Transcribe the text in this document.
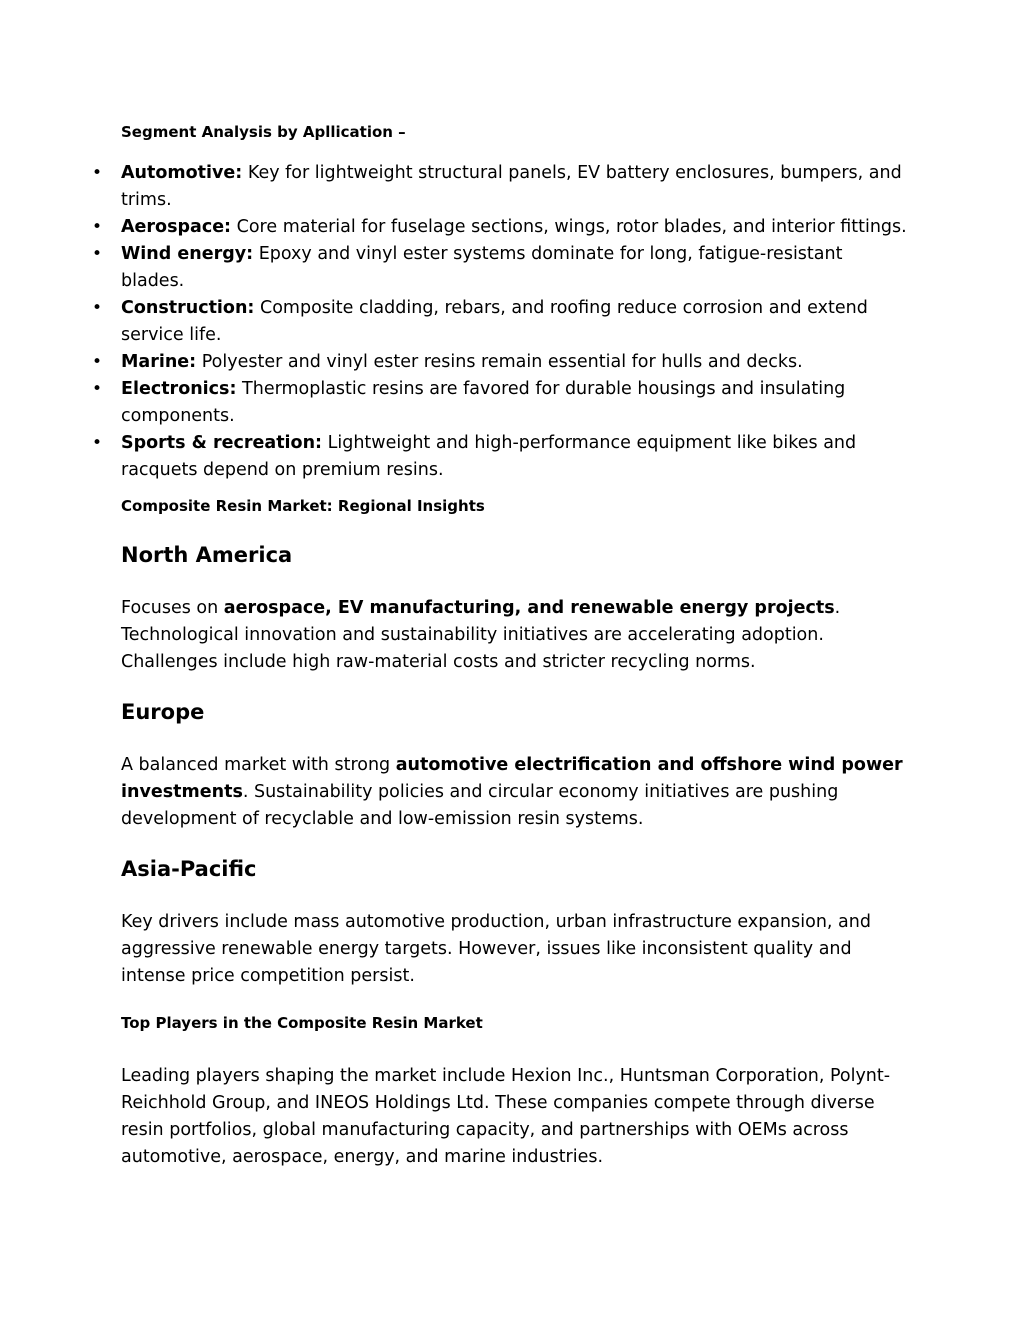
Segment Analysis by Apllication –
• Automotive: Key for lightweight structural panels, EV battery enclosures, bumpers, and trims.
• Aerospace: Core material for fuselage sections, wings, rotor blades, and interior fittings.
• Wind energy: Epoxy and vinyl ester systems dominate for long, fatigue-resistant blades.
• Construction: Composite cladding, rebars, and roofing reduce corrosion and extend service life.
• Marine: Polyester and vinyl ester resins remain essential for hulls and decks.
• Electronics: Thermoplastic resins are favored for durable housings and insulating components.
• Sports & recreation: Lightweight and high-performance equipment like bikes and racquets depend on premium resins.
Composite Resin Market: Regional Insights
North America

Focuses on aerospace, EV manufacturing, and renewable energy projects. Technological innovation and sustainability initiatives are accelerating adoption. Challenges include high raw-material costs and stricter recycling norms.

Europe

A balanced market with strong automotive electrification and offshore wind power investments. Sustainability policies and circular economy initiatives are pushing development of recyclable and low-emission resin systems.

Asia-Pacific

Key drivers include mass automotive production, urban infrastructure expansion, and aggressive renewable energy targets. However, issues like inconsistent quality and intense price competition persist.

Top Players in the Composite Resin Market

Leading players shaping the market include Hexion Inc., Huntsman Corporation, Polynt-Reichhold Group, and INEOS Holdings Ltd. These companies compete through diverse resin portfolios, global manufacturing capacity, and partnerships with OEMs across automotive, aerospace, energy, and marine industries.
